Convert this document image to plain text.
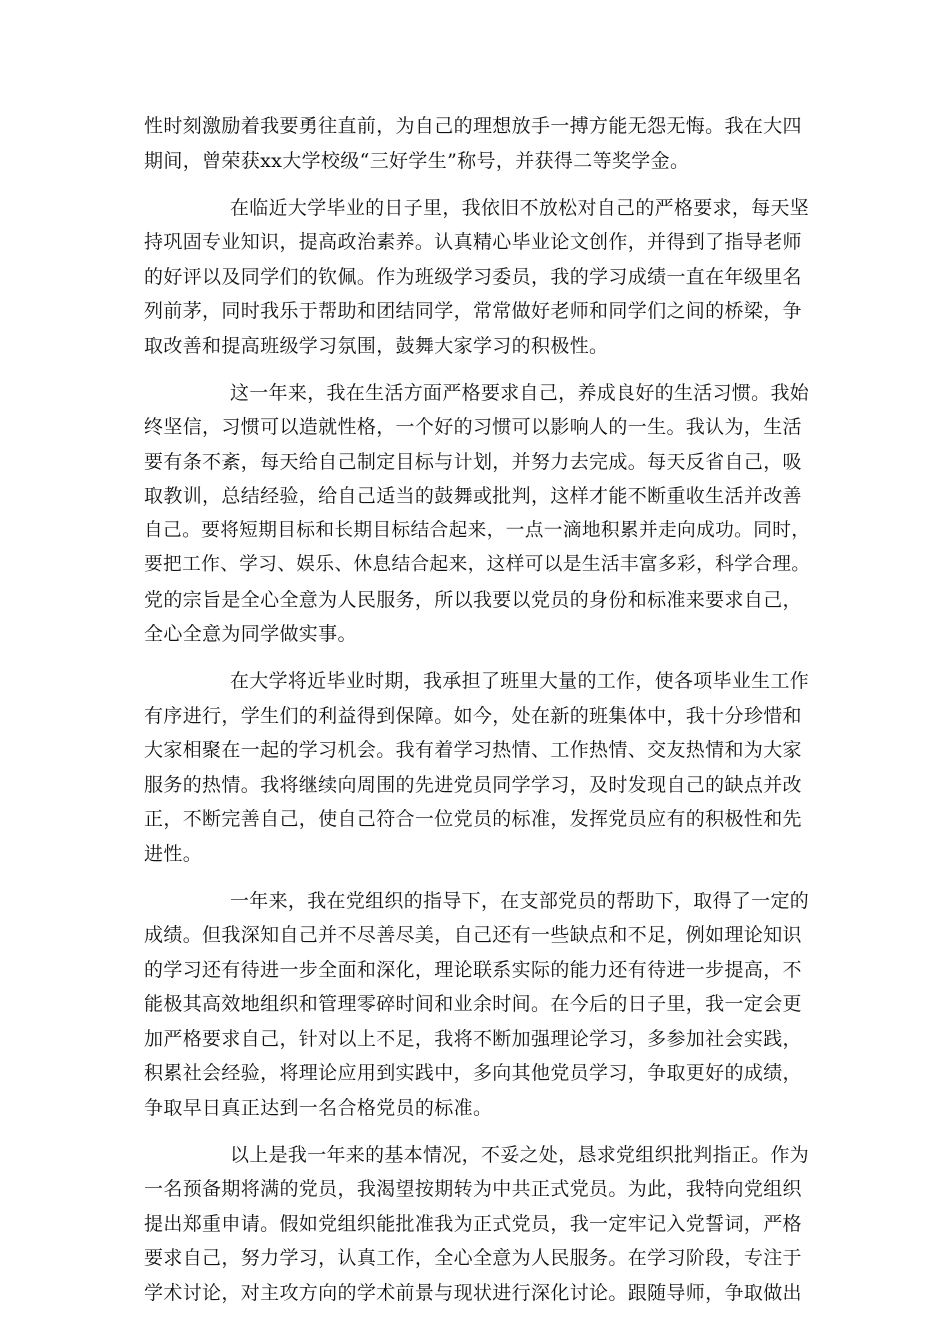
性时刻激励着我要勇往直前，为自己的理想放手一搏方能无怨无悔。我在大四
期间，曾荣获xx大学校级“三好学生”称号，并获得二等奖学金。

在临近大学毕业的日子里，我依旧不放松对自己的严格要求，每天坚
持巩固专业知识，提高政治素养。认真精心毕业论文创作，并得到了指导老师
的好评以及同学们的钦佩。作为班级学习委员，我的学习成绩一直在年级里名
列前茅，同时我乐于帮助和团结同学，常常做好老师和同学们之间的桥梁，争
取改善和提高班级学习氛围，鼓舞大家学习的积极性。

这一年来，我在生活方面严格要求自己，养成良好的生活习惯。我始
终坚信，习惯可以造就性格，一个好的习惯可以影响人的一生。我认为，生活
要有条不紊，每天给自己制定目标与计划，并努力去完成。每天反省自己，吸
取教训，总结经验，给自己适当的鼓舞或批判，这样才能不断重收生活并改善
自己。要将短期目标和长期目标结合起来，一点一滴地积累并走向成功。同时，
要把工作、学习、娱乐、休息结合起来，这样可以是生活丰富多彩，科学合理。
党的宗旨是全心全意为人民服务，所以我要以党员的身份和标准来要求自己，
全心全意为同学做实事。

在大学将近毕业时期，我承担了班里大量的工作，使各项毕业生工作
有序进行，学生们的利益得到保障。如今，处在新的班集体中，我十分珍惜和
大家相聚在一起的学习机会。我有着学习热情、工作热情、交友热情和为大家
服务的热情。我将继续向周围的先进党员同学学习，及时发现自己的缺点并改
正，不断完善自己，使自己符合一位党员的标准，发挥党员应有的积极性和先
进性。

一年来，我在党组织的指导下，在支部党员的帮助下，取得了一定的
成绩。但我深知自己并不尽善尽美，自己还有一些缺点和不足，例如理论知识
的学习还有待进一步全面和深化，理论联系实际的能力还有待进一步提高，不
能极其高效地组织和管理零碎时间和业余时间。在今后的日子里，我一定会更
加严格要求自己，针对以上不足，我将不断加强理论学习，多参加社会实践，
积累社会经验，将理论应用到实践中，多向其他党员学习，争取更好的成绩，
争取早日真正达到一名合格党员的标准。

以上是我一年来的基本情况，不妥之处，恳求党组织批判指正。作为
一名预备期将满的党员，我渴望按期转为中共正式党员。为此，我特向党组织
提出郑重申请。假如党组织能批准我为正式党员，我一定牢记入党誓词，严格
要求自己，努力学习，认真工作，全心全意为人民服务。在学习阶段，专注于
学术讨论，对主攻方向的学术前景与现状进行深化讨论。跟随导师，争取做出
